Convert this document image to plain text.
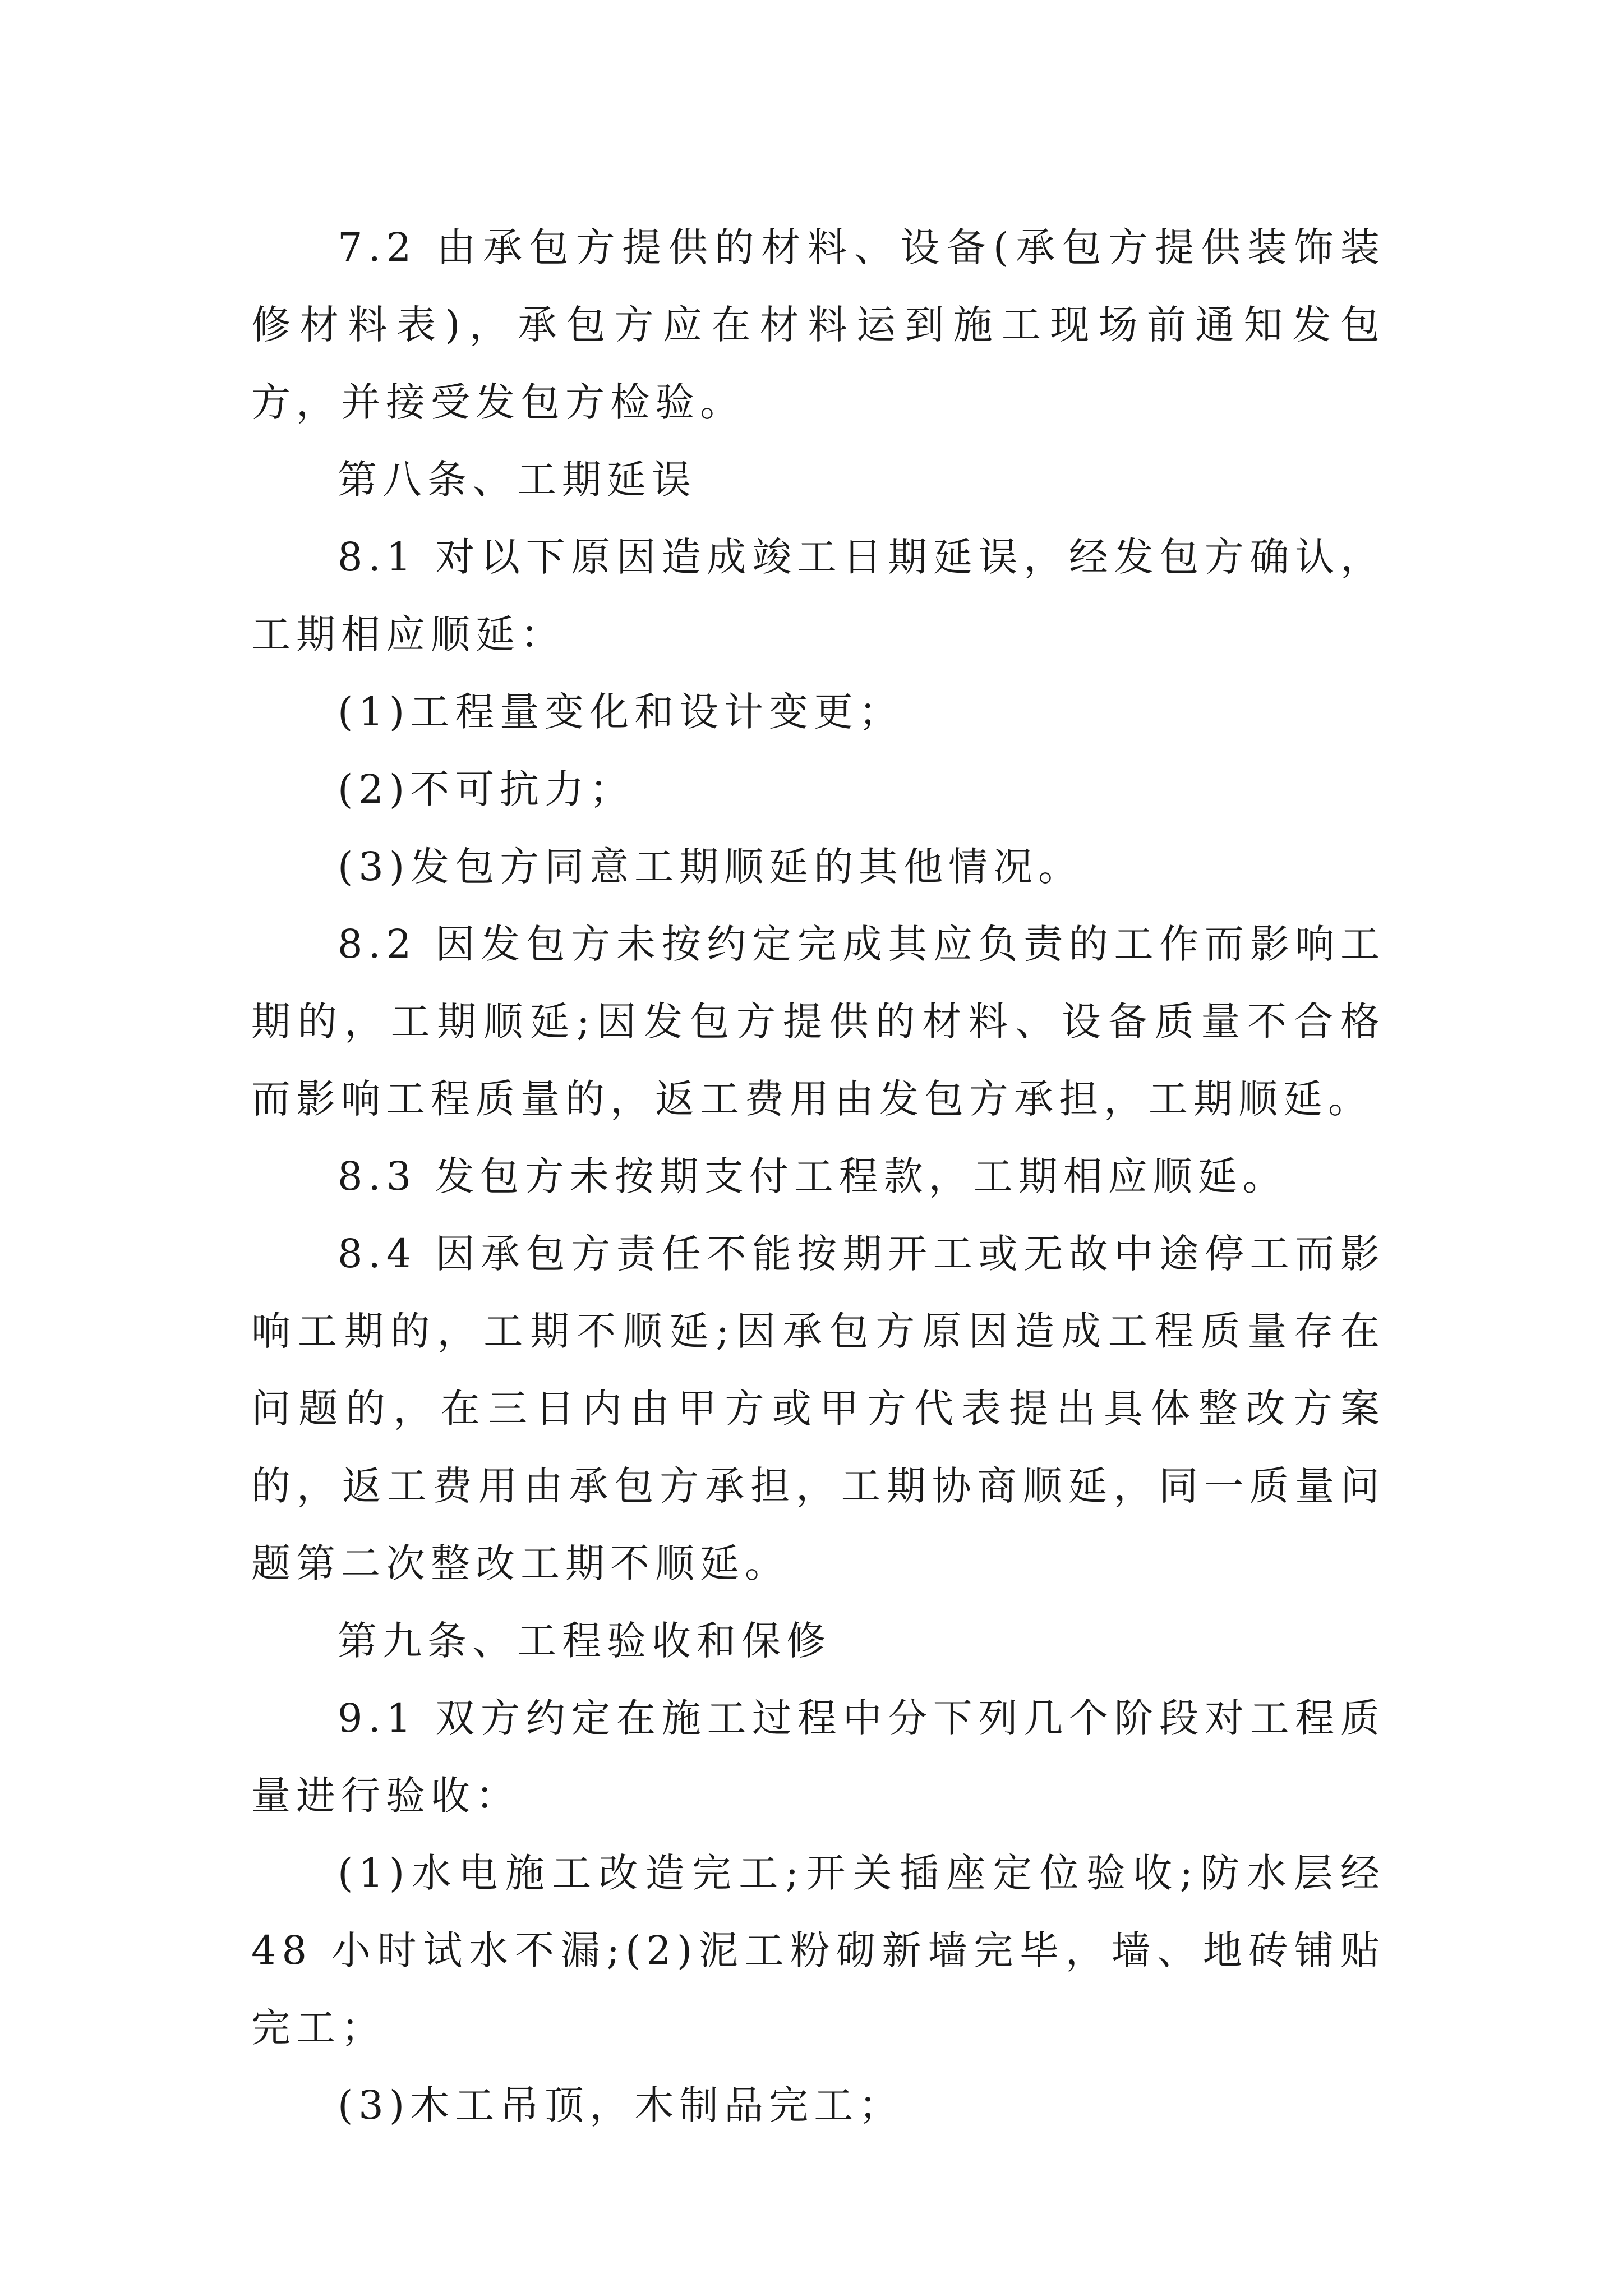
7.2 由承包方提供的材料、设备(承包方提供装饰装修材料表)，承包方应在材料运到施工现场前通知发包方，并接受发包方检验。

第八条、工期延误

8.1 对以下原因造成竣工日期延误，经发包方确认，工期相应顺延：

(1)工程量变化和设计变更；

(2)不可抗力；

(3)发包方同意工期顺延的其他情况。

8.2 因发包方未按约定完成其应负责的工作而影响工期的，工期顺延;因发包方提供的材料、设备质量不合格而影响工程质量的，返工费用由发包方承担，工期顺延。

8.3 发包方未按期支付工程款，工期相应顺延。

8.4 因承包方责任不能按期开工或无故中途停工而影响工期的，工期不顺延;因承包方原因造成工程质量存在问题的，在三日内由甲方或甲方代表提出具体整改方案的，返工费用由承包方承担，工期协商顺延，同一质量问题第二次整改工期不顺延。

第九条、工程验收和保修

9.1 双方约定在施工过程中分下列几个阶段对工程质量进行验收：

(1)水电施工改造完工;开关插座定位验收;防水层经 48 小时试水不漏;(2)泥工粉砌新墙完毕，墙、地砖铺贴完工；

(3)木工吊顶，木制品完工；
